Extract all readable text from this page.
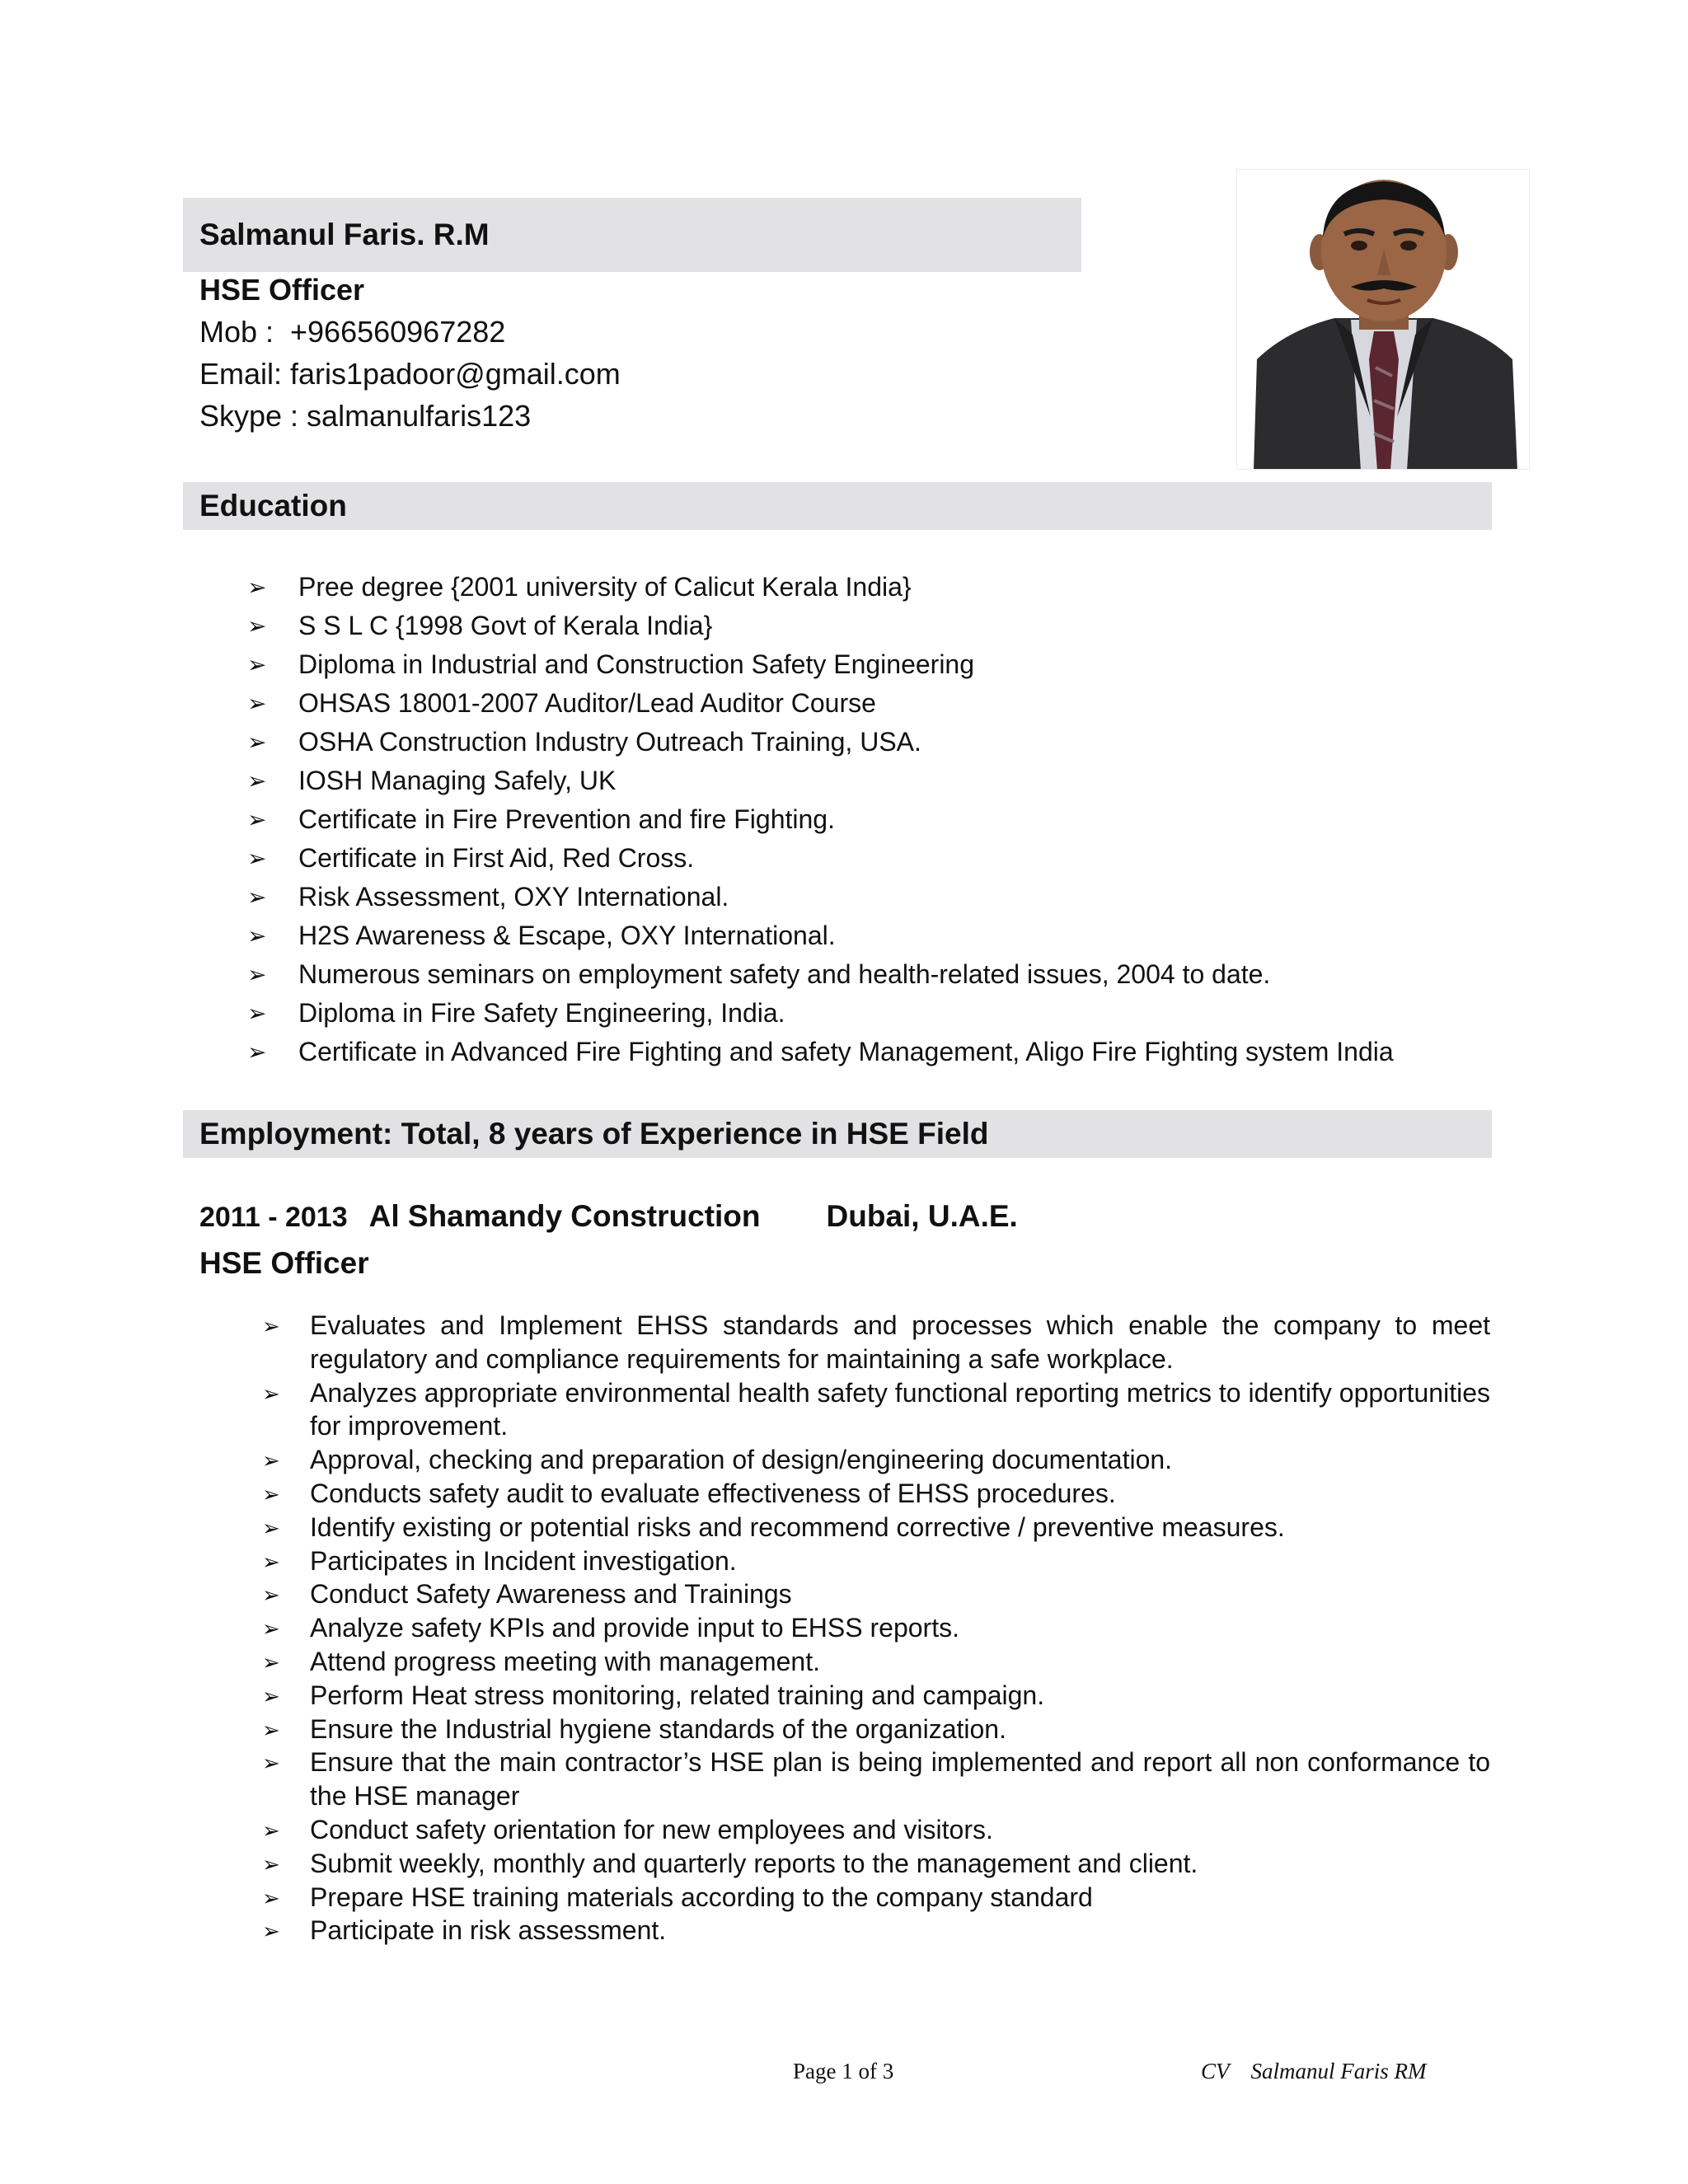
Salmanul Faris. R.M
HSE Officer
Mob : +966560967282
Email: faris1padoor@gmail.com
Skype : salmanulfaris123
Education
➢ Pree degree {2001 university of Calicut Kerala India}
➢ S S L C {1998 Govt of Kerala India}
➢ Diploma in Industrial and Construction Safety Engineering
➢ OHSAS 18001-2007 Auditor/Lead Auditor Course
➢ OSHA Construction Industry Outreach Training, USA.
➢ IOSH Managing Safely, UK
➢ Certificate in Fire Prevention and fire Fighting.
➢ Certificate in First Aid, Red Cross.
➢ Risk Assessment, OXY International.
➢ H2S Awareness & Escape, OXY International.
➢ Numerous seminars on employment safety and health-related issues, 2004 to date.
➢ Diploma in Fire Safety Engineering, India.
➢ Certificate in Advanced Fire Fighting and safety Management, Aligo Fire Fighting system India
Employment: Total, 8 years of Experience in HSE Field
2011 - 2013 Al Shamandy Construction Dubai, U.A.E.
HSE Officer
➢ Evaluates and Implement EHSS standards and processes which enable the company to meet regulatory and compliance requirements for maintaining a safe workplace.
➢ Analyzes appropriate environmental health safety functional reporting metrics to identify opportunities for improvement.
➢ Approval, checking and preparation of design/engineering documentation.
➢ Conducts safety audit to evaluate effectiveness of EHSS procedures.
➢ Identify existing or potential risks and recommend corrective / preventive measures.
➢ Participates in Incident investigation.
➢ Conduct Safety Awareness and Trainings
➢ Analyze safety KPIs and provide input to EHSS reports.
➢ Attend progress meeting with management.
➢ Perform Heat stress monitoring, related training and campaign.
➢ Ensure the Industrial hygiene standards of the organization.
➢ Ensure that the main contractor’s HSE plan is being implemented and report all non conformance to the HSE manager
➢ Conduct safety orientation for new employees and visitors.
➢ Submit weekly, monthly and quarterly reports to the management and client.
➢ Prepare HSE training materials according to the company standard
➢ Participate in risk assessment.
Page 1 of 3	CV Salmanul Faris RM
